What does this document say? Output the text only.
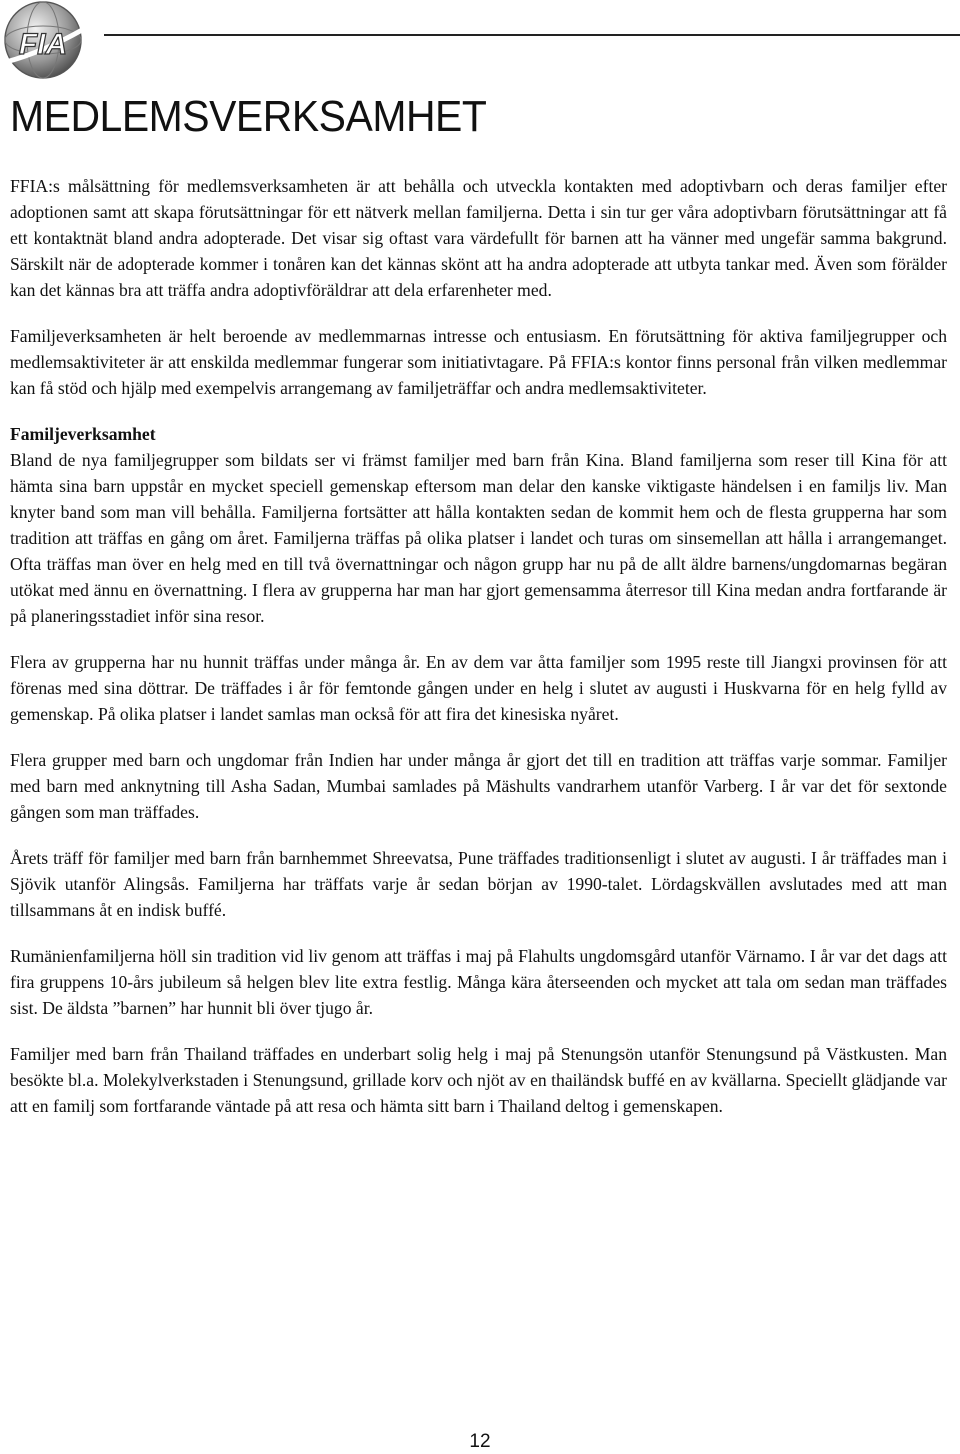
FIA
MEDLEMSVERKSAMHET

FFIA:s målsättning för medlemsverksamheten är att behålla och utveckla kontakten med adoptivbarn och deras familjer efter adoptionen samt att skapa förutsättningar för ett nätverk mellan familjerna. Detta i sin tur ger våra adoptivbarn förutsättningar att få ett kontaktnät bland andra adopterade. Det visar sig oftast vara värdefullt för barnen att ha vänner med ungefär samma bakgrund. Särskilt när de adopterade kommer i tonåren kan det kännas skönt att ha andra adopterade att utbyta tankar med. Även som förälder kan det kännas bra att träffa andra adoptivföräldrar att dela erfarenheter med.

Familjeverksamheten är helt beroende av medlemmarnas intresse och entusiasm. En förutsättning för aktiva familjegrupper och medlemsaktiviteter är att enskilda medlemmar fungerar som initiativtagare. På FFIA:s kontor finns personal från vilken medlemmar kan få stöd och hjälp med exempelvis arrangemang av familjeträffar och andra medlemsaktiviteter.

Familjeverksamhet
Bland de nya familjegrupper som bildats ser vi främst familjer med barn från Kina. Bland familjerna som reser till Kina för att hämta sina barn uppstår en mycket speciell gemenskap eftersom man delar den kanske viktigaste händelsen i en familjs liv. Man knyter band som man vill behålla. Familjerna fortsätter att hålla kontakten sedan de kommit hem och de flesta grupperna har som tradition att träffas en gång om året. Familjerna träffas på olika platser i landet och turas om sinsemellan att hålla i arrangemanget. Ofta träffas man över en helg med en till två övernattningar och någon grupp har nu på de allt äldre barnens/ungdomarnas begäran utökat med ännu en övernattning. I flera av grupperna har man har gjort gemensamma återresor till Kina medan andra fortfarande är på planeringsstadiet inför sina resor.

Flera av grupperna har nu hunnit träffas under många år. En av dem var åtta familjer som 1995 reste till Jiangxi provinsen för att förenas med sina döttrar. De träffades i år för femtonde gången under en helg i slutet av augusti i Huskvarna för en helg fylld av gemenskap. På olika platser i landet samlas man också för att fira det kinesiska nyåret.

Flera grupper med barn och ungdomar från Indien har under många år gjort det till en tradition att träffas varje sommar. Familjer med barn med anknytning till Asha Sadan, Mumbai samlades på Mäshults vandrarhem utanför Varberg. I år var det för sextonde gången som man träffades.

Årets träff för familjer med barn från barnhemmet Shreevatsa, Pune träffades traditionsenligt i slutet av augusti. I år träffades man i Sjövik utanför Alingsås. Familjerna har träffats varje år sedan början av 1990-talet. Lördagskvällen avslutades med att man tillsammans åt en indisk buffé.

Rumänienfamiljerna höll sin tradition vid liv genom att träffas i maj på Flahults ungdomsgård utanför Värnamo. I år var det dags att fira gruppens 10-års jubileum så helgen blev lite extra festlig. Många kära återseenden och mycket att tala om sedan man träffades sist. De äldsta ”barnen” har hunnit bli över tjugo år.

Familjer med barn från Thailand träffades en underbart solig helg i maj på Stenungsön utanför Stenungsund på Västkusten. Man besökte bl.a. Molekylverkstaden i Stenungsund, grillade korv och njöt av en thailändsk buffé en av kvällarna. Speciellt glädjande var att en familj som fortfarande väntade på att resa och hämta sitt barn i Thailand deltog i gemenskapen.

12
